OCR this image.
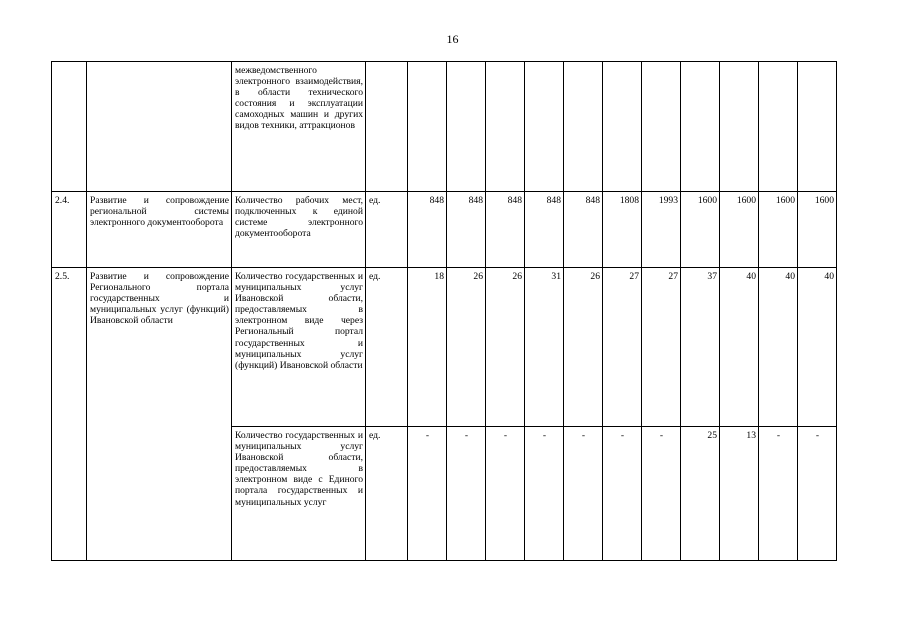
16
		межведомственного электронного взаимодействия, в области технического состояния и эксплуатации самоходных машин и других видов техники, аттракционов												
2.4.	Развитие и сопровождение региональной системы электронного документооборота	Количество рабочих мест, подключенных к единой системе электронного документооборота	ед.	848	848	848	848	848	1808	1993	1600	1600	1600	1600
2.5.	Развитие и сопровождение Регионального портала государственных и муниципальных услуг (функций) Ивановской области	Количество государственных и муниципальных услуг Ивановской области, предоставляемых в электронном виде через Региональный портал государственных и муниципальных услуг (функций) Ивановской области	ед.	18	26	26	31	26	27	27	37	40	40	40
		Количество государственных и муниципальных услуг Ивановской области, предоставляемых в электронном виде с Единого портала государственных и муниципальных услуг	ед.	-	-	-	-	-	-	-	25	13	-	-
